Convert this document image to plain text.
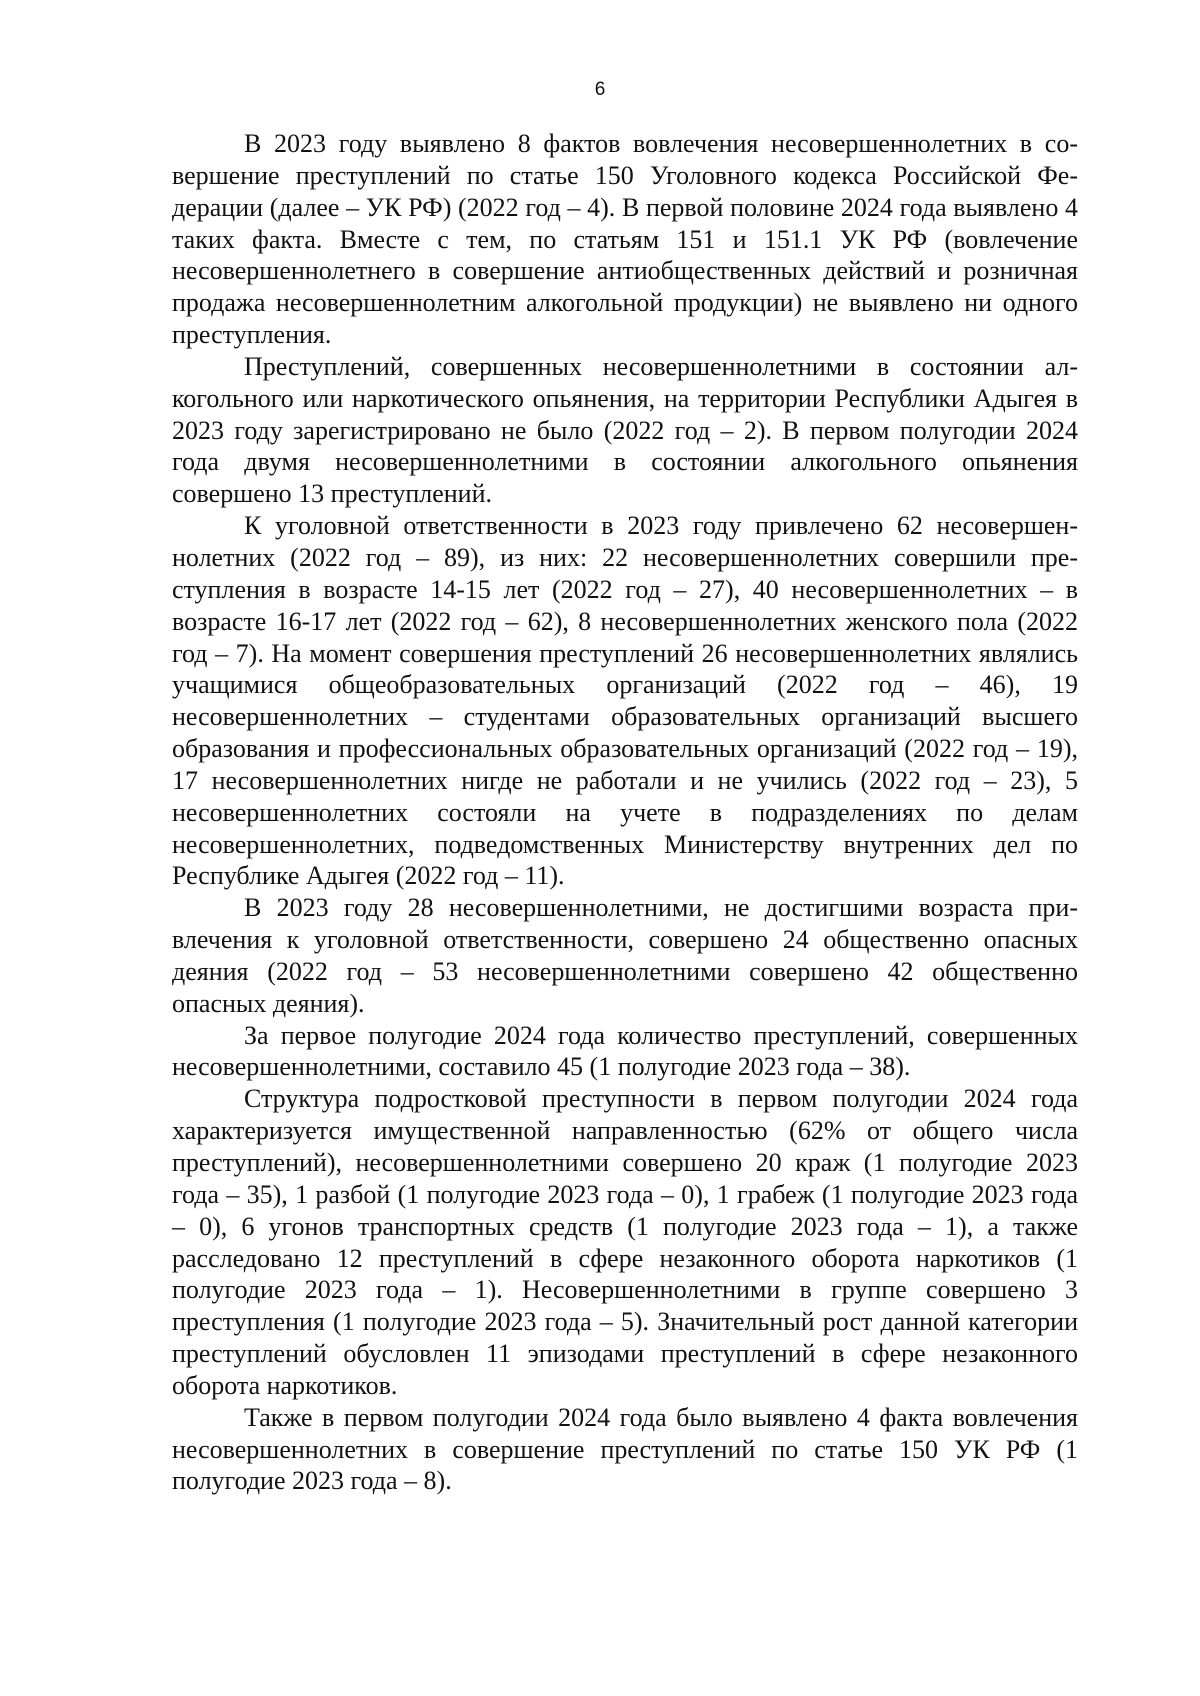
6

В 2023 году выявлено 8 фактов вовлечения несовершеннолетних в совершение преступлений по статье 150 Уголовного кодекса Российской Федерации (далее – УК РФ) (2022 год – 4). В первой половине 2024 года выявлено 4 таких факта. Вместе с тем, по статьям 151 и 151.1 УК РФ (вовлечение несовершеннолетнего в совершение антиобщественных действий и розничная продажа несовершеннолетним алкогольной продукции) не выявлено ни одного преступления.

Преступлений, совершенных несовершеннолетними в состоянии алкогольного или наркотического опьянения, на территории Республики Адыгея в 2023 году зарегистрировано не было (2022 год – 2). В первом полугодии 2024 года двумя несовершеннолетними в состоянии алкогольного опьянения совершено 13 преступлений.

К уголовной ответственности в 2023 году привлечено 62 несовершеннолетних (2022 год – 89), из них: 22 несовершеннолетних совершили преступления в возрасте 14-15 лет (2022 год – 27), 40 несовершеннолетних – в возрасте 16-17 лет (2022 год – 62), 8 несовершеннолетних женского пола (2022 год – 7). На момент совершения преступлений 26 несовершеннолетних являлись учащимися общеобразовательных организаций (2022 год – 46), 19 несовершеннолетних – студентами образовательных организаций высшего образования и профессиональных образовательных организаций (2022 год – 19), 17 несовершеннолетних нигде не работали и не учились (2022 год – 23), 5 несовершеннолетних состояли на учете в подразделениях по делам несовершеннолетних, подведомственных Министерству внутренних дел по Республике Адыгея (2022 год – 11).

В 2023 году 28 несовершеннолетними, не достигшими возраста привлечения к уголовной ответственности, совершено 24 общественно опасных деяния (2022 год – 53 несовершеннолетними совершено 42 общественно опасных деяния).

За первое полугодие 2024 года количество преступлений, совершенных несовершеннолетними, составило 45 (1 полугодие 2023 года – 38).

Структура подростковой преступности в первом полугодии 2024 года характеризуется имущественной направленностью (62% от общего числа преступлений), несовершеннолетними совершено 20 краж (1 полугодие 2023 года – 35), 1 разбой (1 полугодие 2023 года – 0), 1 грабеж (1 полугодие 2023 года – 0), 6 угонов транспортных средств (1 полугодие 2023 года – 1), а также расследовано 12 преступлений в сфере незаконного оборота наркотиков (1 полугодие 2023 года – 1). Несовершеннолетними в группе совершено 3 преступления (1 полугодие 2023 года – 5). Значительный рост данной категории преступлений обусловлен 11 эпизодами преступлений в сфере незаконного оборота наркотиков.

Также в первом полугодии 2024 года было выявлено 4 факта вовлечения несовершеннолетних в совершение преступлений по статье 150 УК РФ (1 полугодие 2023 года – 8).
